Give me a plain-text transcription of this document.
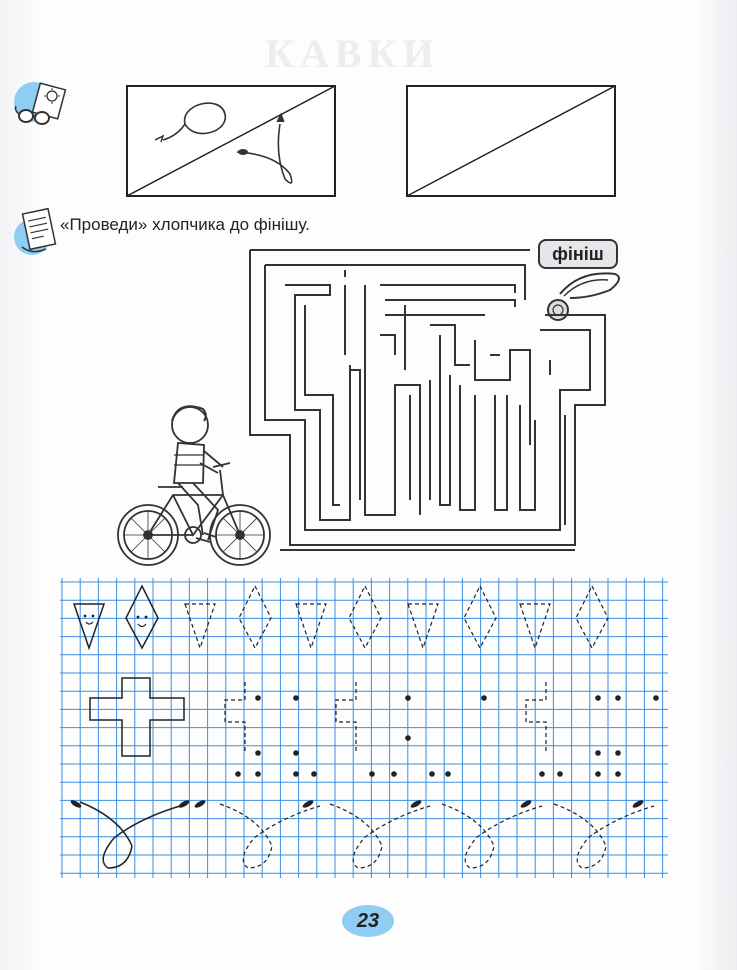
КАВКИ
«Проведи» хлопчика до фінішу.
фініш
23
